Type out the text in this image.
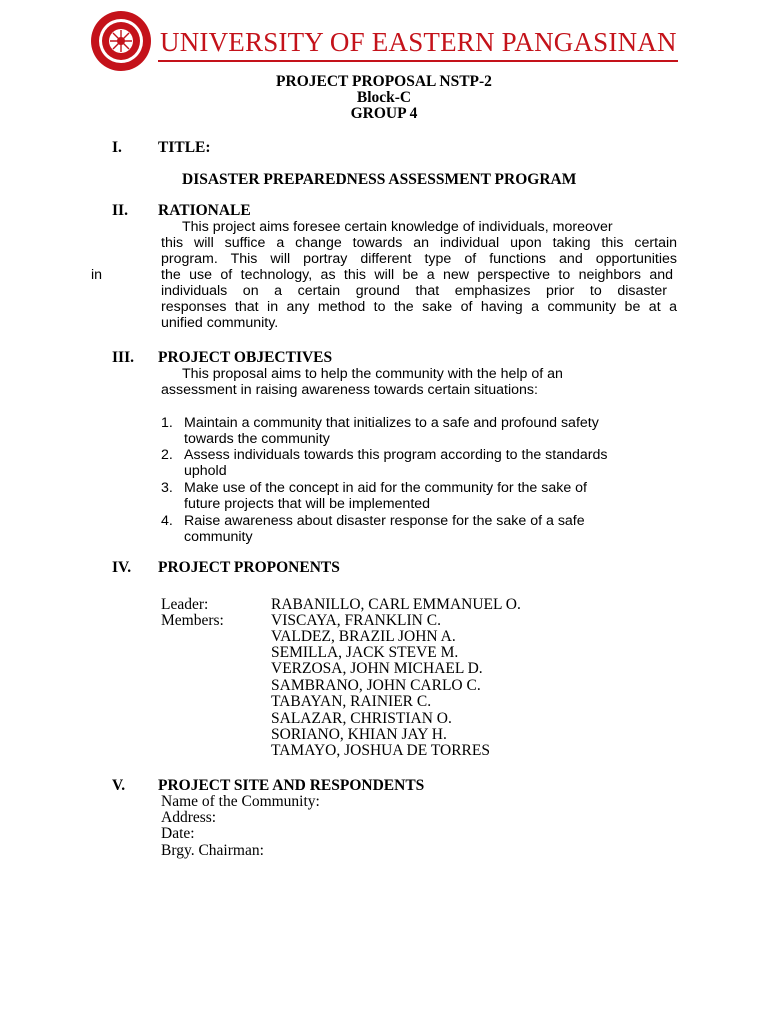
UNIVERSITY OF EASTERN PANGASINAN
PROJECT PROPOSAL NSTP-2
Block-C
GROUP 4
I. TITLE:
DISASTER PREPAREDNESS ASSESSMENT PROGRAM
II. RATIONALE
This project aims foresee certain knowledge of individuals, moreover
this will suffice a change towards an individual upon taking this certain
program. This will portray different type of functions and opportunities
in	the use of technology, as this will be a new perspective to neighbors and
individuals on a certain ground that emphasizes prior to disaster
responses that in any method to the sake of having a community be at a
unified community.
III. PROJECT OBJECTIVES
This proposal aims to help the community with the help of an
assessment in raising awareness towards certain situations:
1. Maintain a community that initializes to a safe and profound safety
towards the community
2. Assess individuals towards this program according to the standards
uphold
3. Make use of the concept in aid for the community for the sake of
future projects that will be implemented
4. Raise awareness about disaster response for the sake of a safe
community
IV. PROJECT PROPONENTS
Leader:	RABANILLO, CARL EMMANUEL O.
Members:	VISCAYA, FRANKLIN C.
VALDEZ, BRAZIL JOHN A.
SEMILLA, JACK STEVE M.
VERZOSA, JOHN MICHAEL D.
SAMBRANO, JOHN CARLO C.
TABAYAN, RAINIER C.
SALAZAR, CHRISTIAN O.
SORIANO, KHIAN JAY H.
TAMAYO, JOSHUA DE TORRES
V. PROJECT SITE AND RESPONDENTS
Name of the Community:
Address:
Date:
Brgy. Chairman:
